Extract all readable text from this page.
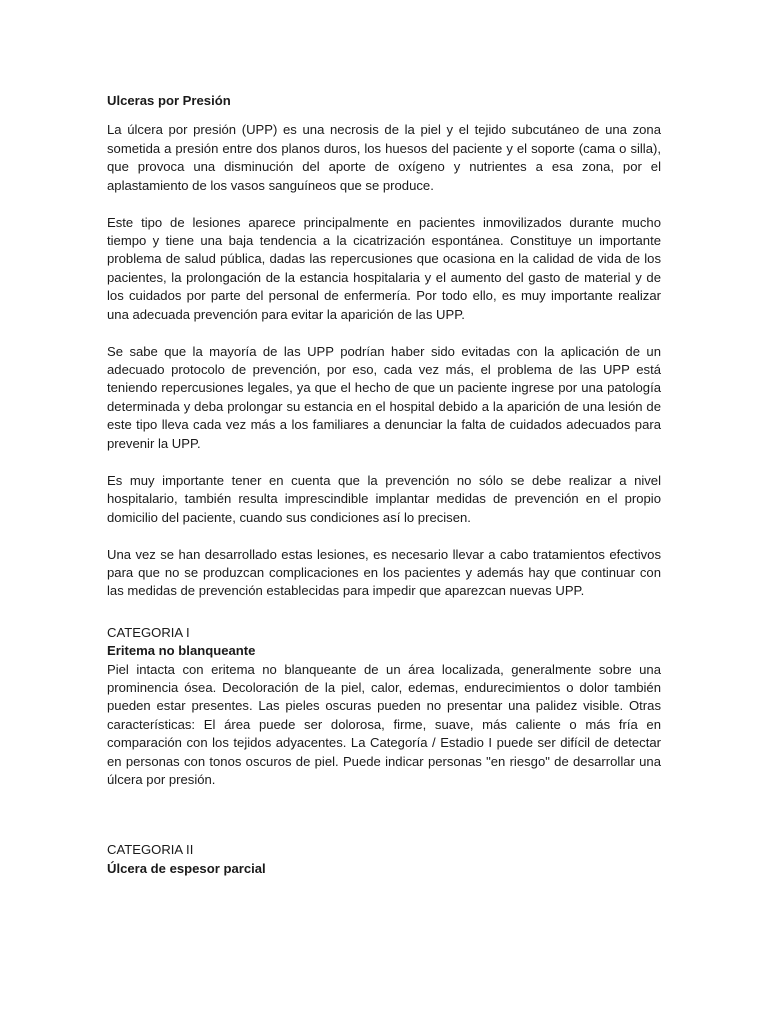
Ulceras por Presión

La úlcera por presión (UPP) es una necrosis de la piel y el tejido subcutáneo de una zona sometida a presión entre dos planos duros, los huesos del paciente y el soporte (cama o silla), que provoca una disminución del aporte de oxígeno y nutrientes a esa zona, por el aplastamiento de los vasos sanguíneos que se produce.

Este tipo de lesiones aparece principalmente en pacientes inmovilizados durante mucho tiempo y tiene una baja tendencia a la cicatrización espontánea. Constituye un importante problema de salud pública, dadas las repercusiones que ocasiona en la calidad de vida de los pacientes, la prolongación de la estancia hospitalaria y el aumento del gasto de material y de los cuidados por parte del personal de enfermería. Por todo ello, es muy importante realizar una adecuada prevención para evitar la aparición de las UPP.

Se sabe que la mayoría de las UPP podrían haber sido evitadas con la aplicación de un adecuado protocolo de prevención, por eso, cada vez más, el problema de las UPP está teniendo repercusiones legales, ya que el hecho de que un paciente ingrese por una patología determinada y deba prolongar su estancia en el hospital debido a la aparición de una lesión de este tipo lleva cada vez más a los familiares a denunciar la falta de cuidados adecuados para prevenir la UPP.

Es muy importante tener en cuenta que la prevención no sólo se debe realizar a nivel hospitalario, también resulta imprescindible implantar medidas de prevención en el propio domicilio del paciente, cuando sus condiciones así lo precisen.

Una vez se han desarrollado estas lesiones, es necesario llevar a cabo tratamientos efectivos para que no se produzcan complicaciones en los pacientes y además hay que continuar con las medidas de prevención establecidas para impedir que aparezcan nuevas UPP.

CATEGORIA I
Eritema no blanqueante

Piel intacta con eritema no blanqueante de un área localizada, generalmente sobre una prominencia ósea. Decoloración de la piel, calor, edemas, endurecimientos o dolor también pueden estar presentes. Las pieles oscuras pueden no presentar una palidez visible. Otras características: El área puede ser dolorosa, firme, suave, más caliente o más fría en comparación con los tejidos adyacentes. La Categoría / Estadio I puede ser difícil de detectar en personas con tonos oscuros de piel. Puede indicar personas "en riesgo" de desarrollar una úlcera por presión.

CATEGORIA II
Úlcera de espesor parcial
